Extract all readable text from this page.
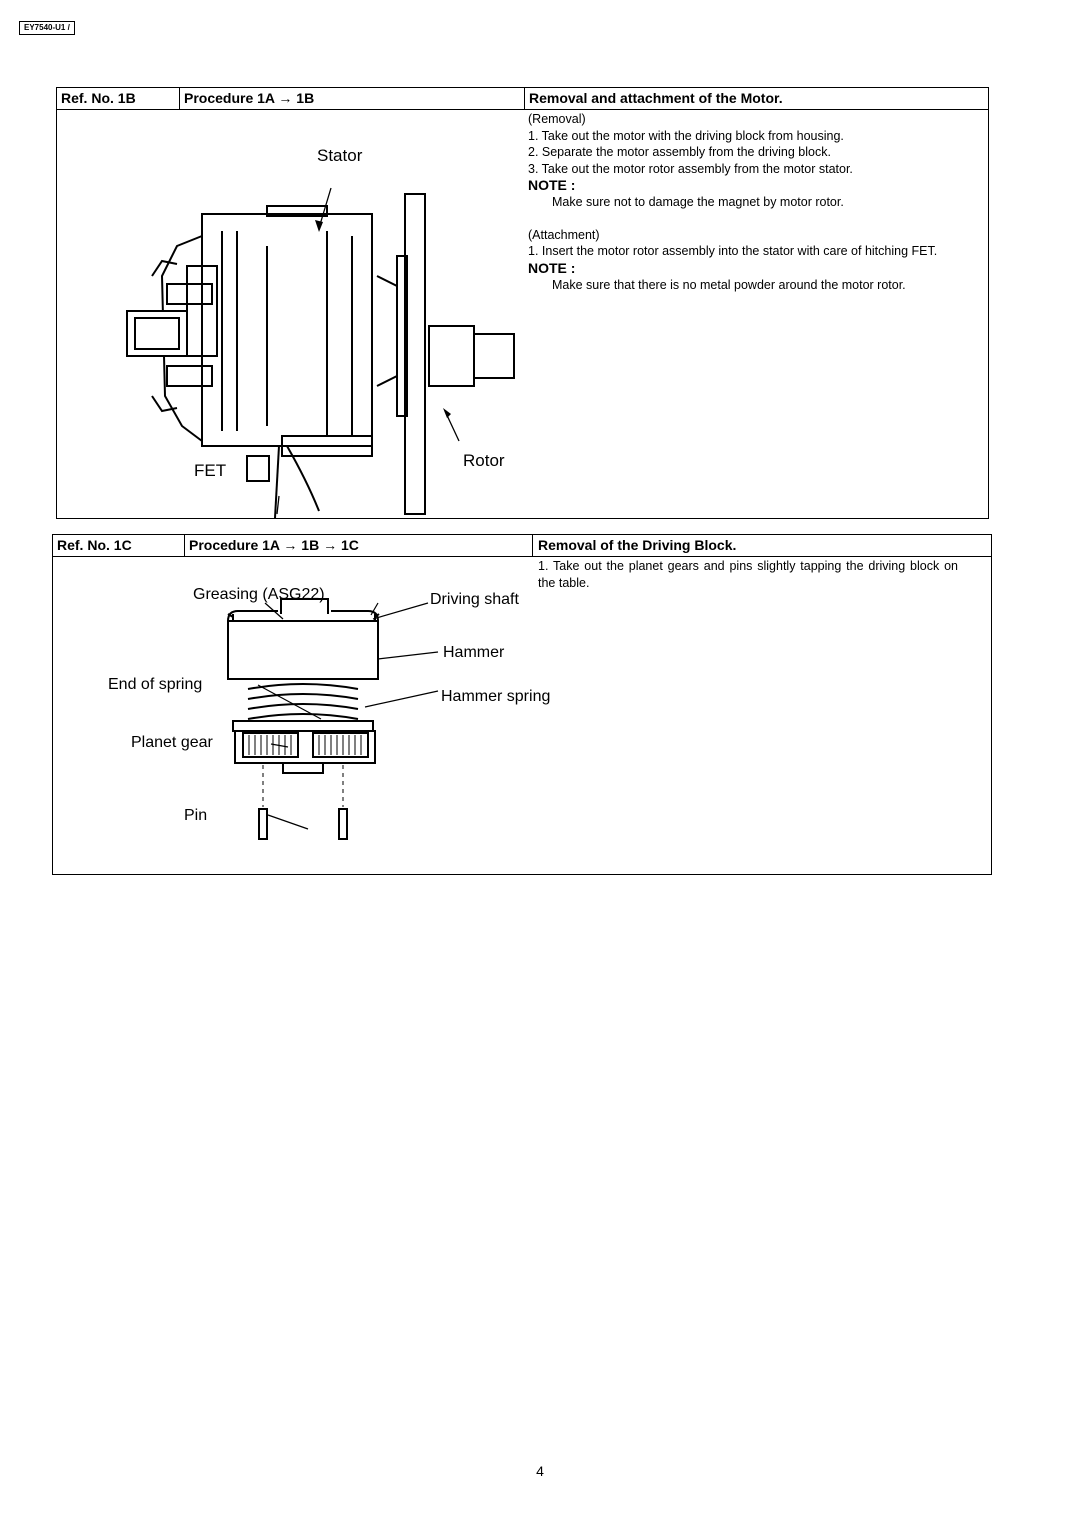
EY7540-U1 /
Ref. No. 1B	Procedure 1A → 1B	Removal and attachment of the Motor.

(Removal)

1. Take out the motor with the driving block from housing.

2. Separate the motor assembly from the driving block.

3. Take out the motor rotor assembly from the motor stator.

NOTE :

Make sure not to damage the magnet by motor rotor.

(Attachment)

1. Insert the motor rotor assembly into the stator with care of hitching FET.

NOTE :

Make sure that there is no metal powder around the motor rotor.

Stator
Rotor
FET
Ref. No. 1C	Procedure 1A → 1B → 1C	Removal of the Driving Block.

1. Take out the planet gears and pins slightly tapping the driving block on the table.

Greasing (ASG22)	Driving shaft
Hammer
End of spring
Hammer spring
Planet gear
Pin
4
